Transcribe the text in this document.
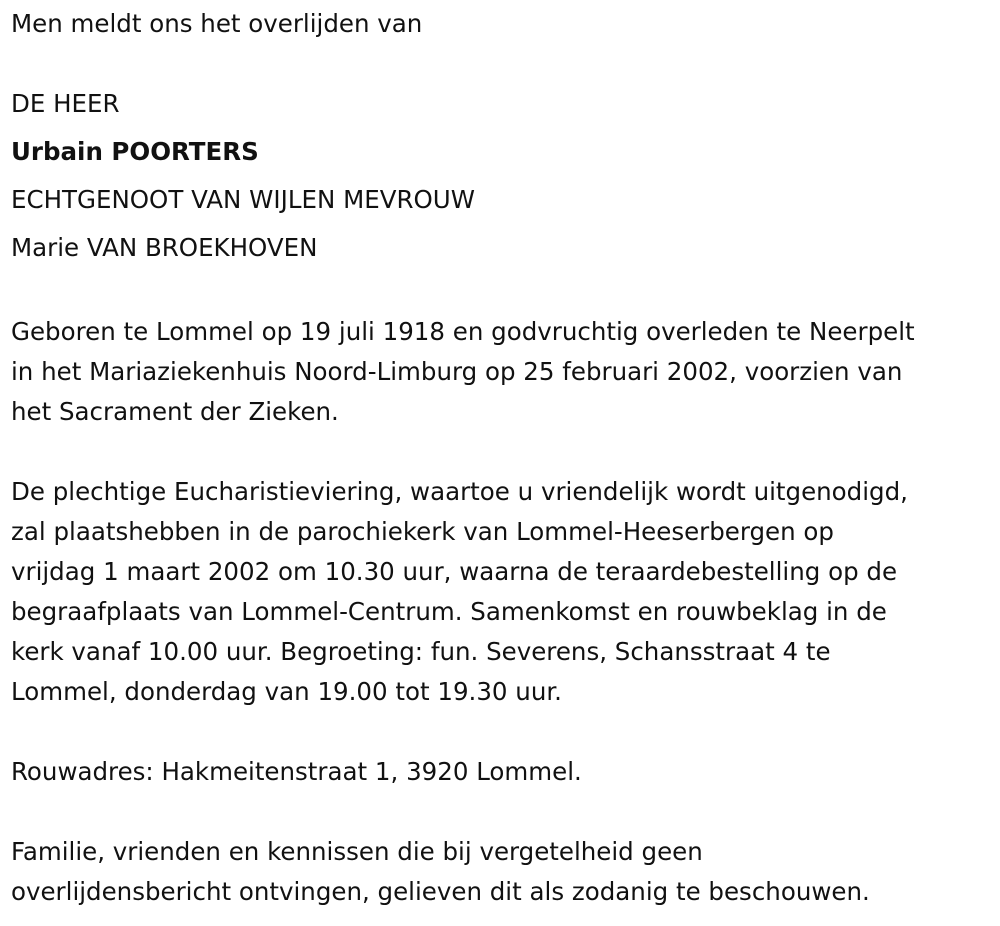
Men meldt ons het overlijden van

DE HEER

Urbain POORTERS

ECHTGENOOT VAN WIJLEN MEVROUW

Marie VAN BROEKHOVEN

Geboren te Lommel op 19 juli 1918 en godvruchtig overleden te Neerpelt

in het Mariaziekenhuis Noord-Limburg op 25 februari 2002, voorzien van

het Sacrament der Zieken.

De plechtige Eucharistieviering, waartoe u vriendelijk wordt uitgenodigd,

zal plaatshebben in de parochiekerk van Lommel-Heeserbergen op

vrijdag 1 maart 2002 om 10.30 uur, waarna de teraardebestelling op de

begraafplaats van Lommel-Centrum. Samenkomst en rouwbeklag in de

kerk vanaf 10.00 uur. Begroeting: fun. Severens, Schansstraat 4 te

Lommel, donderdag van 19.00 tot 19.30 uur.

Rouwadres: Hakmeitenstraat 1, 3920 Lommel.

Familie, vrienden en kennissen die bij vergetelheid geen

overlijdensbericht ontvingen, gelieven dit als zodanig te beschouwen.
